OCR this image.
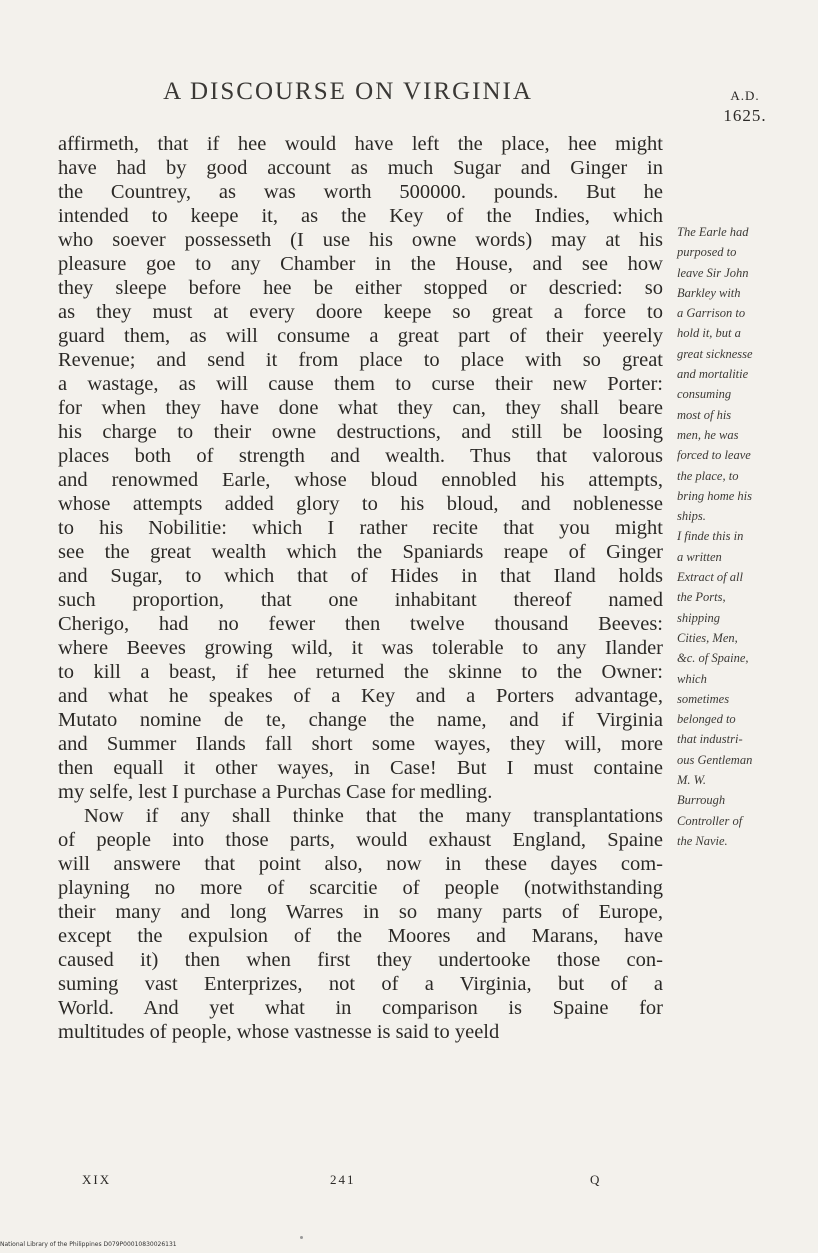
A DISCOURSE ON VIRGINIA	A.D.
1625.
affirmeth, that if hee would have left the place, hee might
have had by good account as much Sugar and Ginger in
the Countrey, as was worth 500000. pounds. But he
intended to keepe it, as the Key of the Indies, which
who soever possesseth (I use his owne words) may at his
pleasure goe to any Chamber in the House, and see how
they sleepe before hee be either stopped or descried: so
as they must at every doore keepe so great a force to
guard them, as will consume a great part of their yeerely
Revenue; and send it from place to place with so great
a wastage, as will cause them to curse their new Porter:
for when they have done what they can, they shall beare
his charge to their owne destructions, and still be loosing
places both of strength and wealth. Thus that valorous
and renowmed Earle, whose bloud ennobled his attempts,
whose attempts added glory to his bloud, and noblenesse
to his Nobilitie: which I rather recite that you might
see the great wealth which the Spaniards reape of Ginger
and Sugar, to which that of Hides in that Iland holds
such proportion, that one inhabitant thereof named
Cherigo, had no fewer then twelve thousand Beeves:
where Beeves growing wild, it was tolerable to any Ilander
to kill a beast, if hee returned the skinne to the Owner:
and what he speakes of a Key and a Porters advantage,
Mutato nomine de te, change the name, and if Virginia
and Summer Ilands fall short some wayes, they will, more
then equall it other wayes, in Case! But I must containe
my selfe, lest I purchase a Purchas Case for medling.
Now if any shall thinke that the many transplantations
of people into those parts, would exhaust England, Spaine
will answere that point also, now in these dayes com-
playning no more of scarcitie of people (notwithstanding
their many and long Warres in so many parts of Europe,
except the expulsion of the Moores and Marans, have
caused it) then when first they undertooke those con-
suming vast Enterprizes, not of a Virginia, but of a
World. And yet what in comparison is Spaine for
multitudes of people, whose vastnesse is said to yeeld
The Earle had
purposed to
leave Sir John
Barkley with
a Garrison to
hold it, but a
great sicknesse
and mortalitie
consuming
most of his
men, he was
forced to leave
the place, to
bring home his
ships.
I finde this in
a written
Extract of all
the Ports,
shipping
Cities, Men,
&c. of Spaine,
which
sometimes
belonged to
that industri-
ous Gentleman
M. W.
Burrough
Controller of
the Navie.
XIX	241	Q
National Library of the Philippines D079P00010830026131
